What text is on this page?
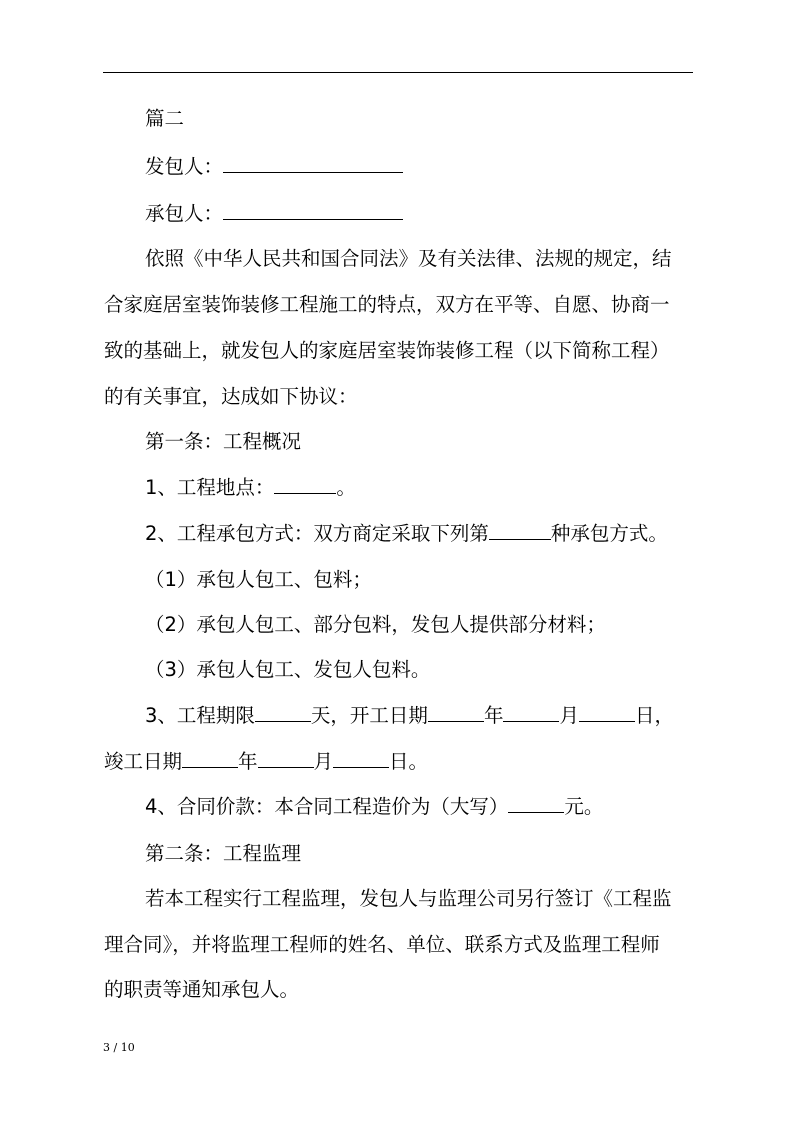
篇二
发包人：
承包人：
依照《中华人民共和国合同法》及有关法律、法规的规定，结
合家庭居室装饰装修工程施工的特点，双方在平等、自愿、协商一
致的基础上，就发包人的家庭居室装饰装修工程（以下简称工程）
的有关事宜，达成如下协议：
第一条：工程概况
1、工程地点：	。
2、工程承包方式：双方商定采取下列第	种承包方式。
（1）承包人包工、包料；
（2）承包人包工、部分包料，发包人提供部分材料；
（3）承包人包工、发包人包料。
3、工程期限	天，开工日期	年	月	日，
竣工日期	年	月	日。
4、合同价款：本合同工程造价为（大写）	元。
第二条：工程监理
若本工程实行工程监理，发包人与监理公司另行签订《工程监
理合同》，并将监理工程师的姓名、单位、联系方式及监理工程师
的职责等通知承包人。
3 / 10
